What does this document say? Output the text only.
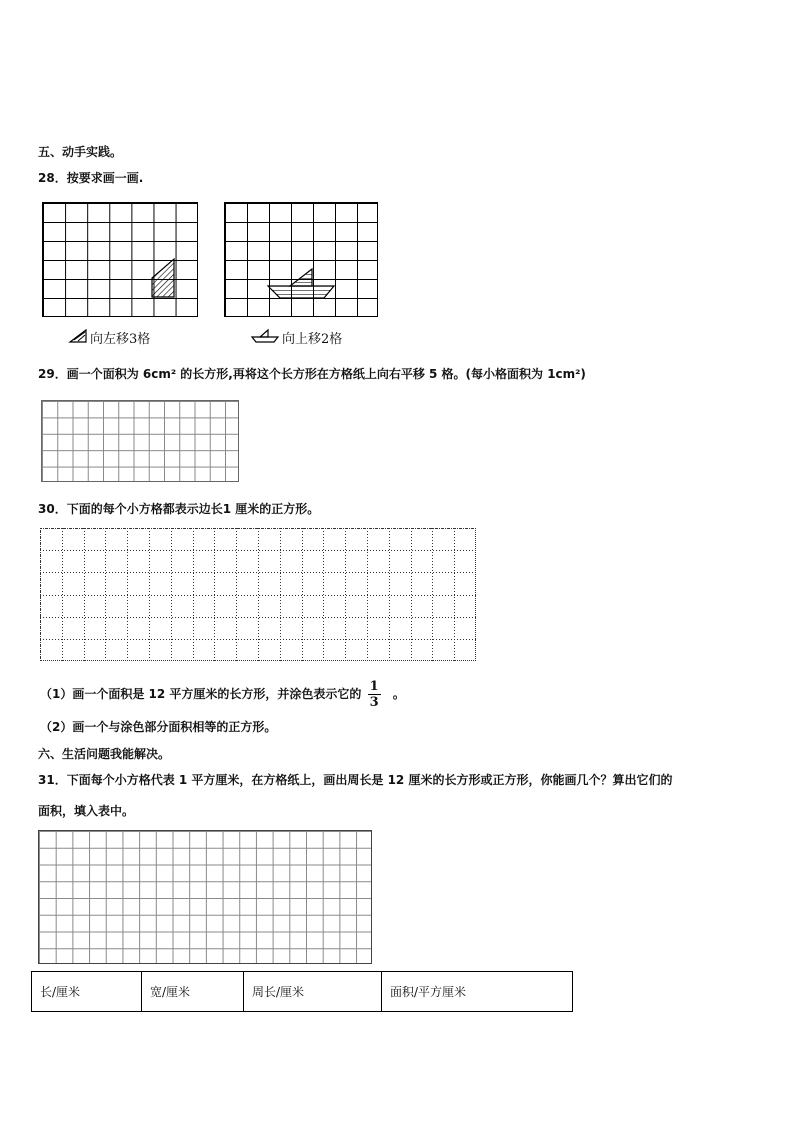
五、动手实践。
28．按要求画一画.
向左移3格	向上移2格
29．画一个面积为 6cm² 的长方形,再将这个长方形在方格纸上向右平移 5 格。(每小格面积为 1cm²)
30．下面的每个小方格都表示边长1 厘米的正方形。
（1）画一个面积是 12 平方厘米的长方形，并涂色表示它的 $\frac{1}{3}$ 。
（2）画一个与涂色部分面积相等的正方形。
六、生活问题我能解决。
31．下面每个小方格代表 1 平方厘米，在方格纸上，画出周长是 12 厘米的长方形或正方形，你能画几个？算出它们的
面积，填入表中。
长/厘米	宽/厘米	周长/厘米	面积/平方厘米
